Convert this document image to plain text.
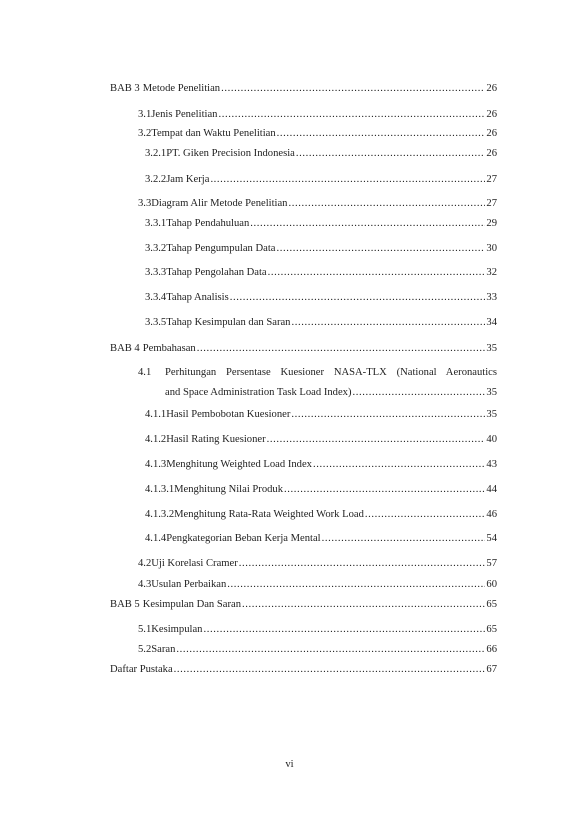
BAB 3 Metode Penelitian .....	26
3.1 Jenis Penelitian .....	26
3.2 Tempat dan Waktu Penelitian .....	26
3.2.1 PT. Giken Precision Indonesia .....	26
3.2.2 Jam Kerja .....	27
3.3 Diagram Alir Metode Penelitian .....	27
3.3.1 Tahap Pendahuluan .....	29
3.3.2 Tahap Pengumpulan Data .....	30
3.3.3 Tahap Pengolahan Data .....	32
3.3.4 Tahap Analisis .....	33
3.3.5 Tahap Kesimpulan dan Saran .....	34
BAB 4 Pembahasan .....	35
4.1 Perhitungan Persentase Kuesioner NASA-TLX (National Aeronautics
and Space Administration Task Load Index) .....	35
4.1.1 Hasil Pembobotan Kuesioner .....	35
4.1.2 Hasil Rating Kuesioner .....	40
4.1.3 Menghitung Weighted Load Index .....	43
4.1.3.1 Menghitung Nilai Produk .....	44
4.1.3.2 Menghitung Rata-Rata Weighted Work Load .....	46
4.1.4 Pengkategorian Beban Kerja Mental .....	54
4.2 Uji Korelasi Cramer .....	57
4.3 Usulan Perbaikan .....	60
BAB 5 Kesimpulan Dan Saran .....	65
5.1 Kesimpulan .....	65
5.2 Saran .....	66
Daftar Pustaka .....	67
vi
